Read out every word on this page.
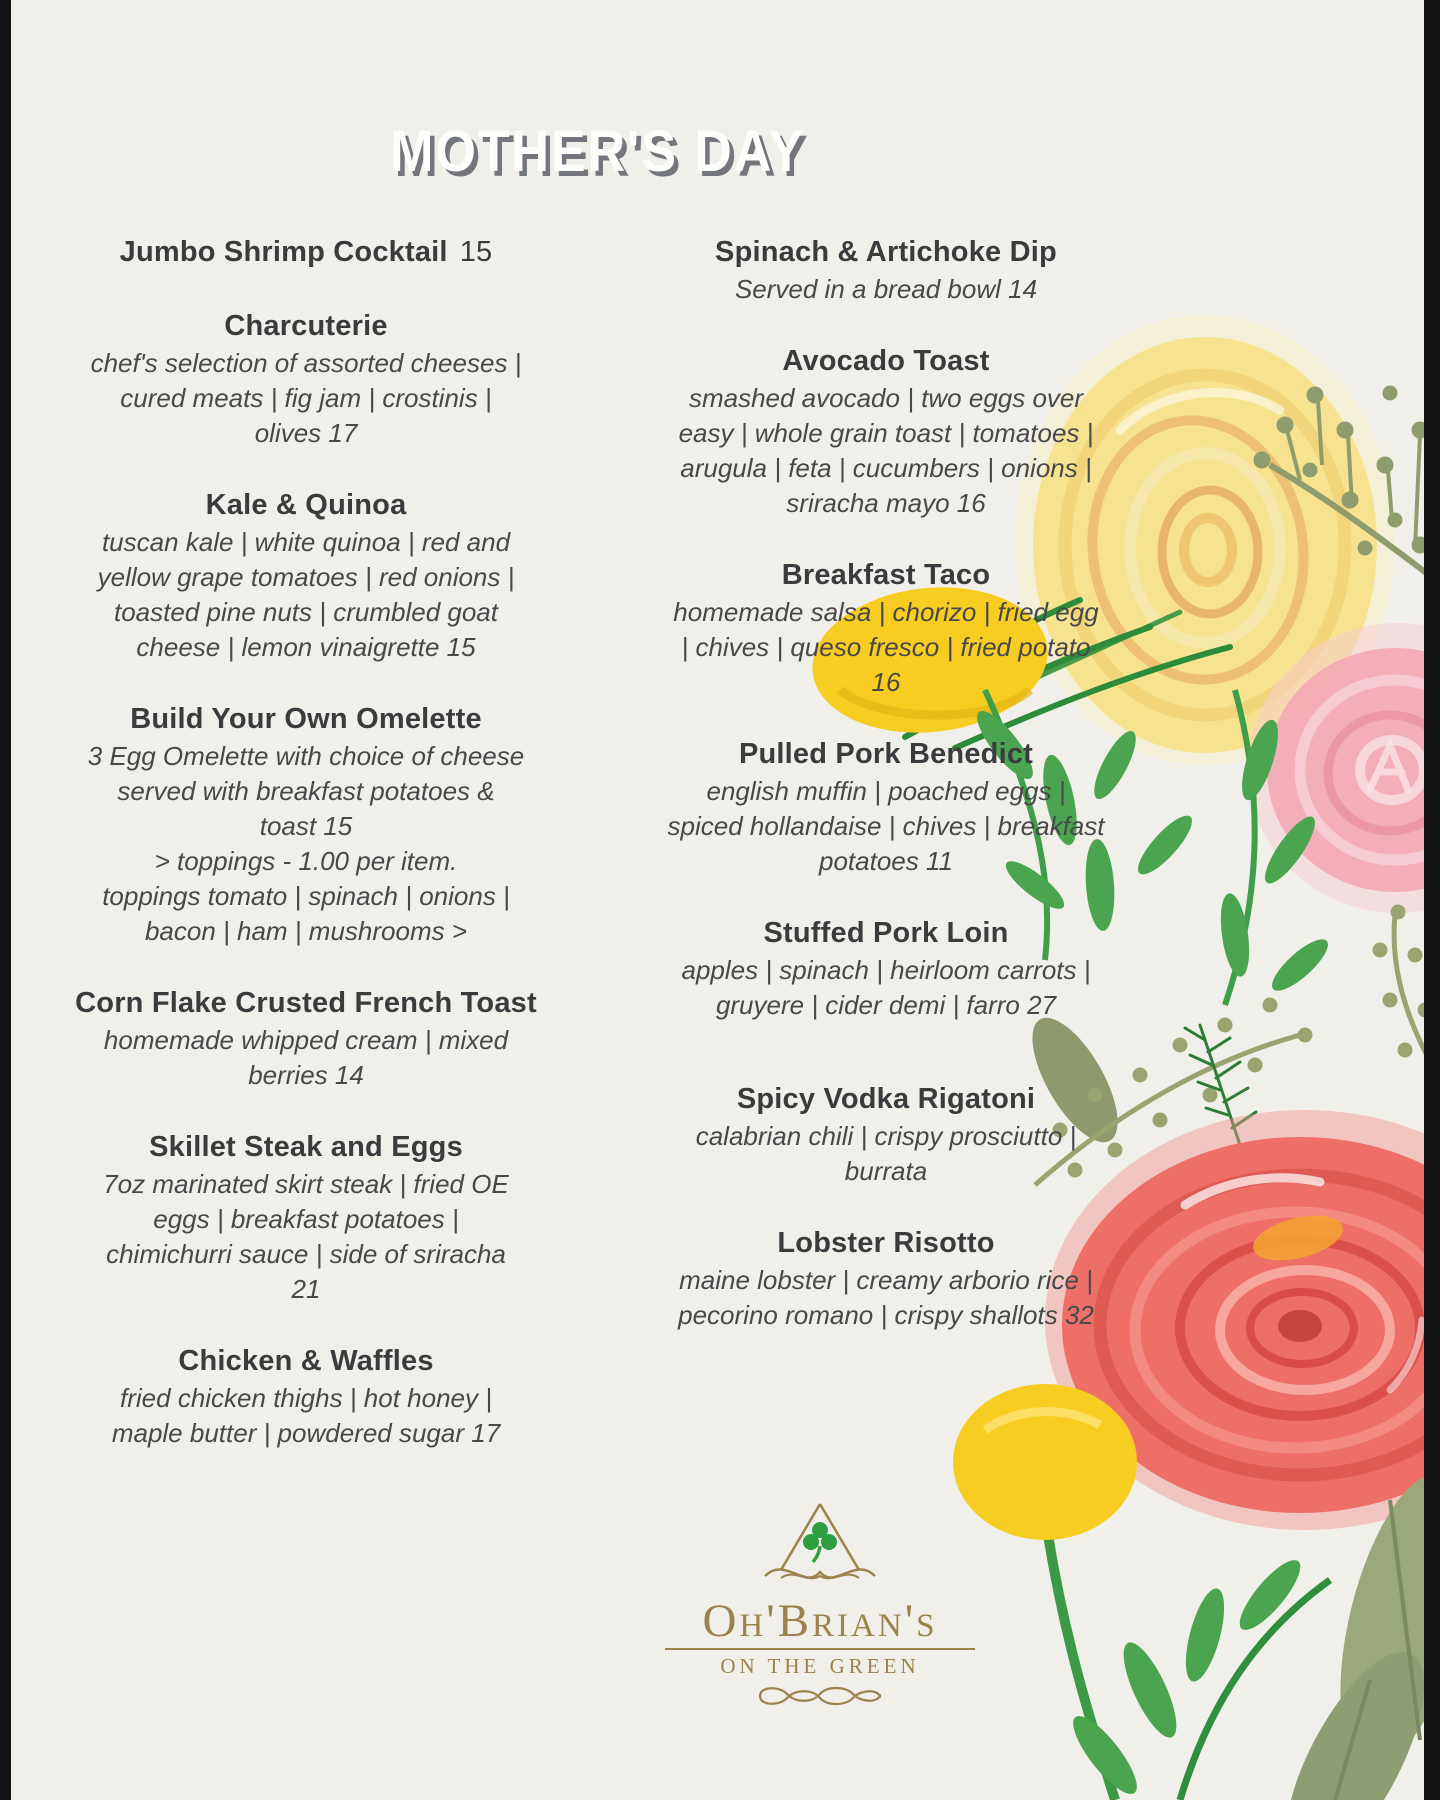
MOTHER'S DAY
Jumbo Shrimp Cocktail 15
Charcuterie
chef's selection of assorted cheeses |
cured meats | fig jam | crostinis |
olives 17
Kale & Quinoa
tuscan kale | white quinoa | red and
yellow grape tomatoes | red onions |
toasted pine nuts | crumbled goat
cheese | lemon vinaigrette 15
Build Your Own Omelette
3 Egg Omelette with choice of cheese
served with breakfast potatoes &
toast 15
> toppings - 1.00 per item.
toppings tomato | spinach | onions |
bacon | ham | mushrooms >
Corn Flake Crusted French Toast
homemade whipped cream | mixed
berries 14
Skillet Steak and Eggs
7oz marinated skirt steak | fried OE
eggs | breakfast potatoes |
chimichurri sauce | side of sriracha
21
Chicken & Waffles
fried chicken thighs | hot honey |
maple butter | powdered sugar 17
Spinach & Artichoke Dip
Served in a bread bowl 14
Avocado Toast
smashed avocado | two eggs over
easy | whole grain toast | tomatoes |
arugula | feta | cucumbers | onions |
sriracha mayo 16
Breakfast Taco
homemade salsa | chorizo | fried egg
| chives | queso fresco | fried potato
16
Pulled Pork Benedict
english muffin | poached eggs |
spiced hollandaise | chives | breakfast
potatoes 11
Stuffed Pork Loin
apples | spinach | heirloom carrots |
gruyere | cider demi | farro 27
Spicy Vodka Rigatoni
calabrian chili | crispy prosciutto |
burrata
Lobster Risotto
maine lobster | creamy arborio rice |
pecorino romano | crispy shallots 32
Oh'Brian's
ON THE GREEN
